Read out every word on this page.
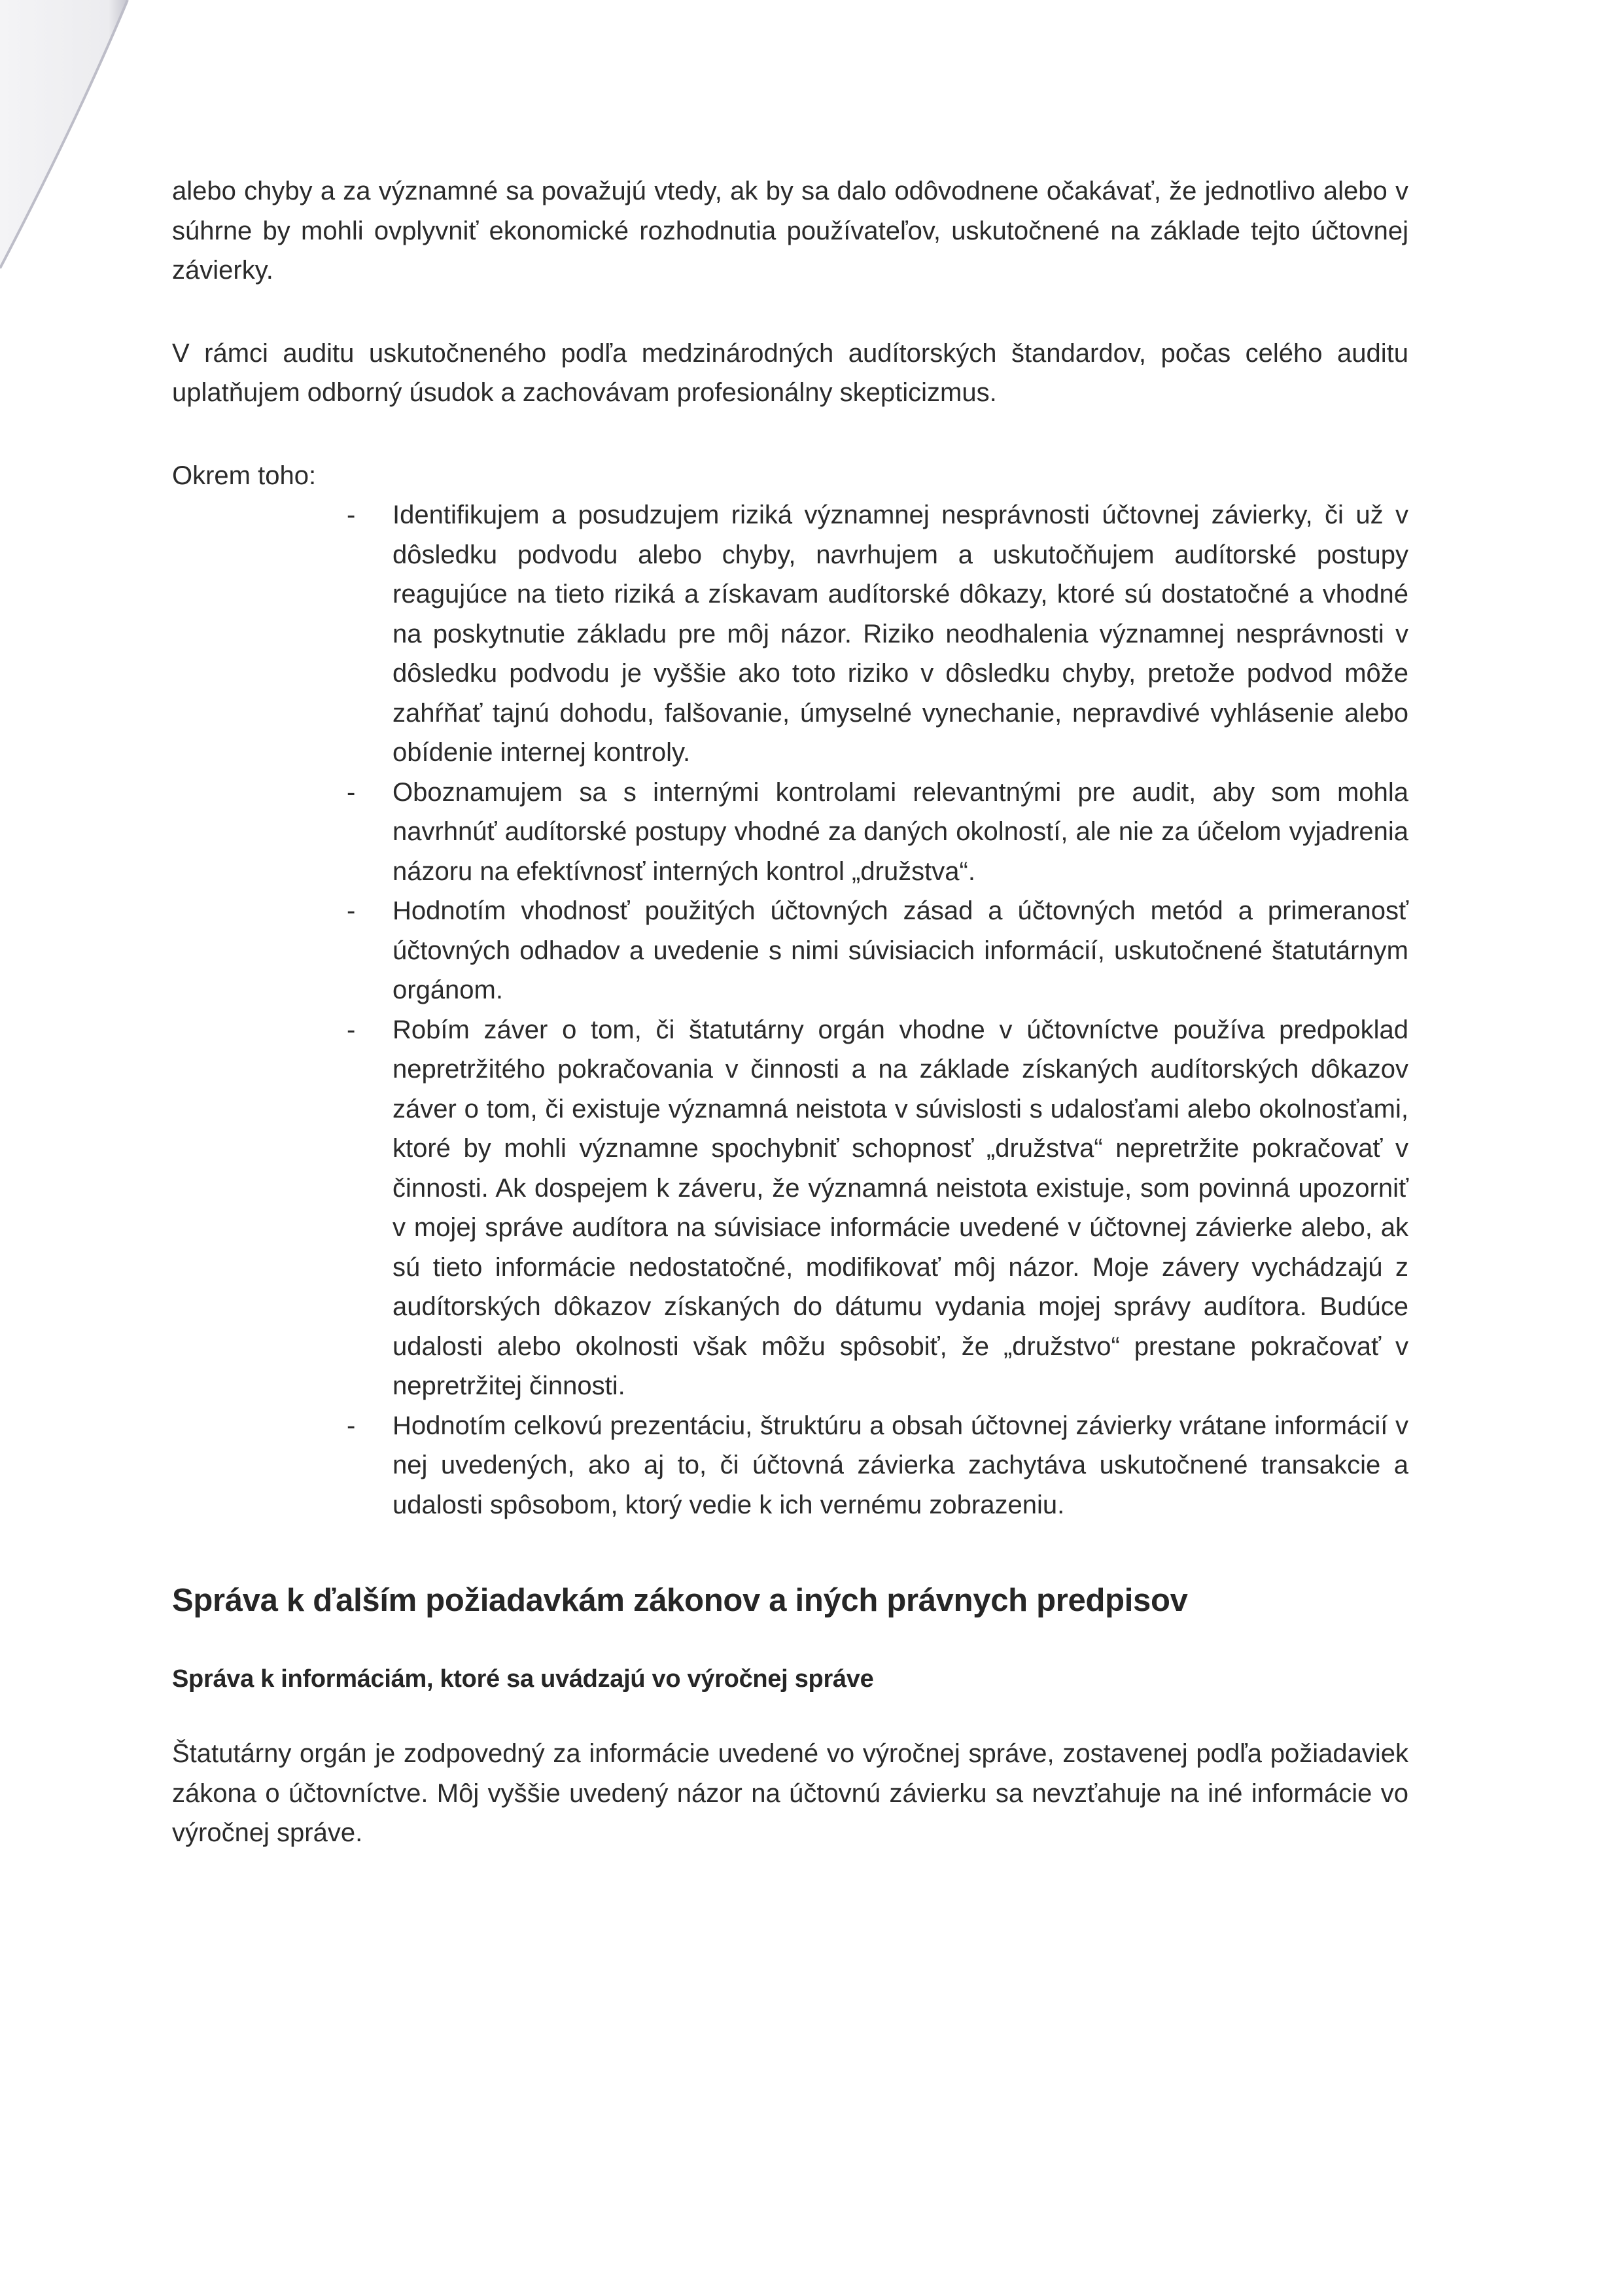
alebo chyby a za významné sa považujú vtedy, ak by sa dalo odôvodnene očakávať, že jednotlivo alebo v súhrne by mohli ovplyvniť ekonomické rozhodnutia používateľov, uskutočnené na základe tejto účtovnej závierky.

V rámci auditu uskutočneného podľa medzinárodných audítorských štandardov, počas celého auditu uplatňujem odborný úsudok a zachovávam profesionálny skepticizmus.

Okrem toho:

- Identifikujem a posudzujem riziká významnej nesprávnosti účtovnej závierky, či už v dôsledku podvodu alebo chyby, navrhujem a uskutočňujem audítorské postupy reagujúce na tieto riziká a získavam audítorské dôkazy, ktoré sú dostatočné a vhodné na poskytnutie základu pre môj názor. Riziko neodhalenia významnej nesprávnosti v dôsledku podvodu je vyššie ako toto riziko v dôsledku chyby, pretože podvod môže zahŕňať tajnú dohodu, falšovanie, úmyselné vynechanie, nepravdivé vyhlásenie alebo obídenie internej kontroly.
- Oboznamujem sa s internými kontrolami relevantnými pre audit, aby som mohla navrhnúť audítorské postupy vhodné za daných okolností, ale nie za účelom vyjadrenia názoru na efektívnosť interných kontrol „družstva“.
- Hodnotím vhodnosť použitých účtovných zásad a účtovných metód a primeranosť účtovných odhadov a uvedenie s nimi súvisiacich informácií, uskutočnené štatutárnym orgánom.
- Robím záver o tom, či štatutárny orgán vhodne v účtovníctve používa predpoklad nepretržitého pokračovania v činnosti a na základe získaných audítorských dôkazov záver o tom, či existuje významná neistota v súvislosti s udalosťami alebo okolnosťami, ktoré by mohli významne spochybniť schopnosť „družstva“ nepretržite pokračovať v činnosti. Ak dospejem k záveru, že významná neistota existuje, som povinná upozorniť v mojej správe audítora na súvisiace informácie uvedené v účtovnej závierke alebo, ak sú tieto informácie nedostatočné, modifikovať môj názor. Moje závery vychádzajú z audítorských dôkazov získaných do dátumu vydania mojej správy audítora. Budúce udalosti alebo okolnosti však môžu spôsobiť, že „družstvo“ prestane pokračovať v nepretržitej činnosti.
- Hodnotím celkovú prezentáciu, štruktúru a obsah účtovnej závierky vrátane informácií v nej uvedených, ako aj to, či účtovná závierka zachytáva uskutočnené transakcie a udalosti spôsobom, ktorý vedie k ich vernému zobrazeniu.
Správa k ďalším požiadavkám zákonov a iných právnych predpisov
Správa k informáciám, ktoré sa uvádzajú vo výročnej správe

Štatutárny orgán je zodpovedný za informácie uvedené vo výročnej správe, zostavenej podľa požiadaviek zákona o účtovníctve. Môj vyššie uvedený názor na účtovnú závierku sa nevzťahuje na iné informácie vo výročnej správe.
